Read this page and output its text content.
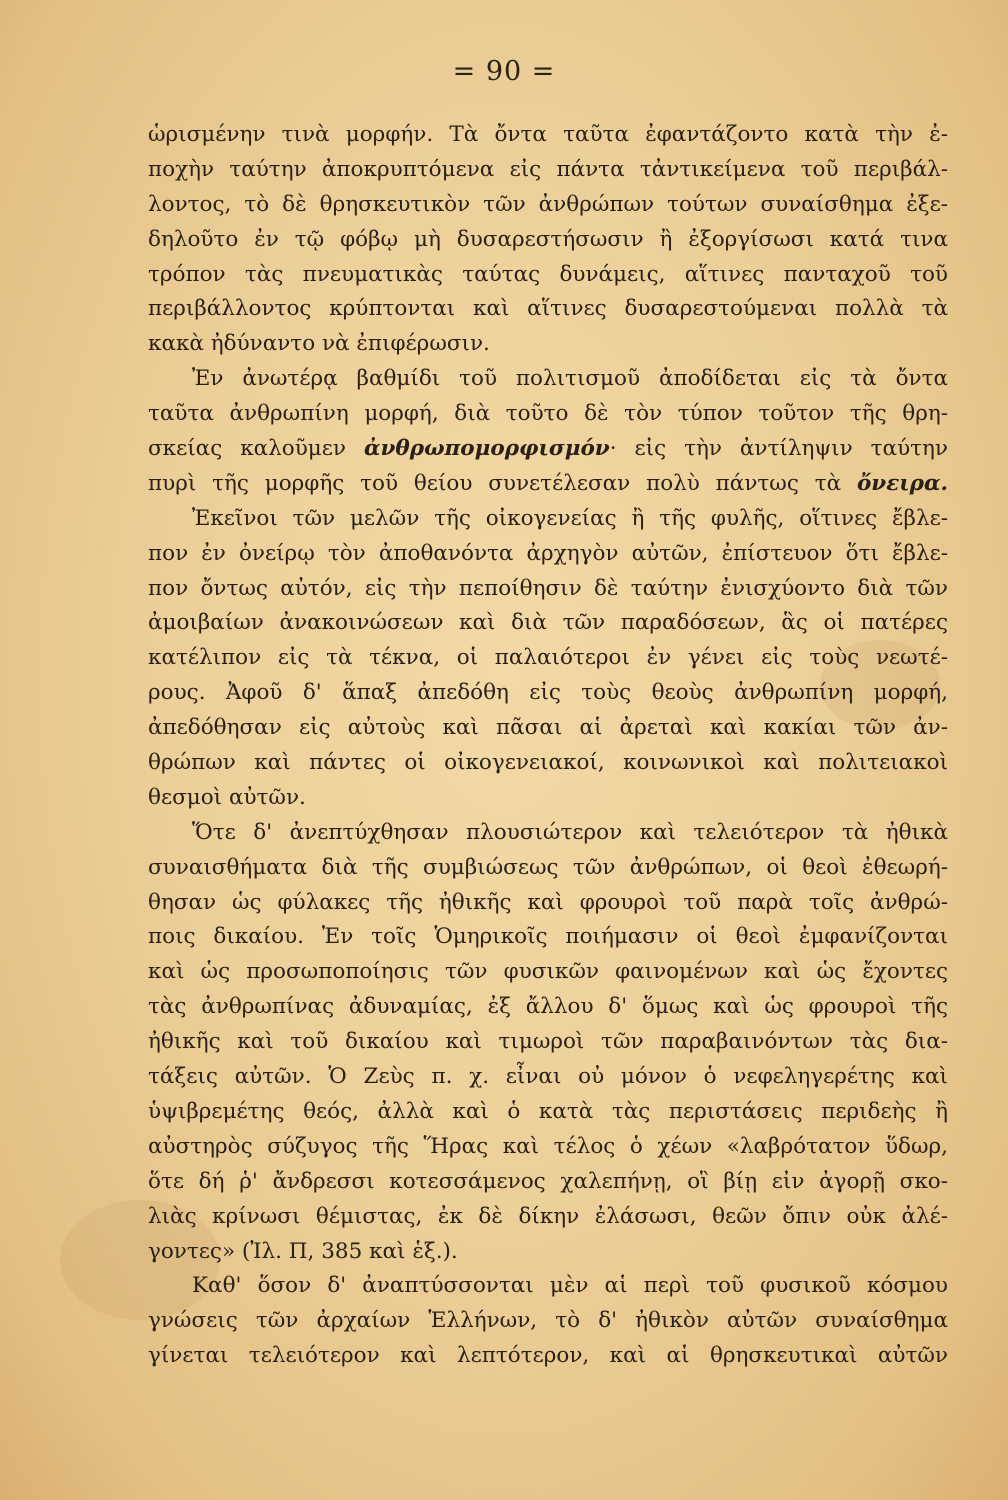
= 90 =
ὡρισμένην τινὰ μορφήν. Τὰ ὄντα ταῦτα ἐφαντάζοντο κατὰ τὴν ἐ-
ποχὴν ταύτην ἀποκρυπτόμενα εἰς πάντα τἀντικείμενα τοῦ περιβάλ-
λοντος, τὸ δὲ θρησκευτικὸν τῶν ἀνθρώπων τούτων συναίσθημα ἐξε-
δηλοῦτο ἐν τῷ φόβῳ μὴ δυσαρεστήσωσιν ἢ ἐξοργίσωσι κατά τινα
τρόπον τὰς πνευματικὰς ταύτας δυνάμεις, αἵτινες πανταχοῦ τοῦ
περιβάλλοντος κρύπτονται καὶ αἵτινες δυσαρεστούμεναι πολλὰ τὰ
κακὰ ἠδύναντο νὰ ἐπιφέρωσιν.
Ἐν ἀνωτέρᾳ βαθμίδι τοῦ πολιτισμοῦ ἀποδίδεται εἰς τὰ ὄντα
ταῦτα ἀνθρωπίνη μορφή, διὰ τοῦτο δὲ τὸν τύπον τοῦτον τῆς θρη-
σκείας καλοῦμεν ἀνθρωπομορφισμόν· εἰς τὴν ἀντίληψιν ταύτην
πυρὶ τῆς μορφῆς τοῦ θείου συνετέλεσαν πολὺ πάντως τὰ ὄνειρα.
Ἐκεῖνοι τῶν μελῶν τῆς οἰκογενείας ἢ τῆς φυλῆς, οἵτινες ἔβλε-
πον ἐν ὀνείρῳ τὸν ἀποθανόντα ἀρχηγὸν αὐτῶν, ἐπίστευον ὅτι ἔβλε-
πον ὄντως αὐτόν, εἰς τὴν πεποίθησιν δὲ ταύτην ἐνισχύοντο διὰ τῶν
ἀμοιβαίων ἀνακοινώσεων καὶ διὰ τῶν παραδόσεων, ἃς οἱ πατέρες
κατέλιπον εἰς τὰ τέκνα, οἱ παλαιότεροι ἐν γένει εἰς τοὺς νεωτέ-
ρους. Ἀφοῦ δ' ἅπαξ ἀπεδόθη εἰς τοὺς θεοὺς ἀνθρωπίνη μορφή,
ἀπεδόθησαν εἰς αὐτοὺς καὶ πᾶσαι αἱ ἀρεταὶ καὶ κακίαι τῶν ἀν-
θρώπων καὶ πάντες οἱ οἰκογενειακοί, κοινωνικοὶ καὶ πολιτειακοὶ
θεσμοὶ αὐτῶν.
Ὅτε δ' ἀνεπτύχθησαν πλουσιώτερον καὶ τελειότερον τὰ ἠθικὰ
συναισθήματα διὰ τῆς συμβιώσεως τῶν ἀνθρώπων, οἱ θεοὶ ἐθεωρή-
θησαν ὡς φύλακες τῆς ἠθικῆς καὶ φρουροὶ τοῦ παρὰ τοῖς ἀνθρώ-
ποις δικαίου. Ἐν τοῖς Ὁμηρικοῖς ποιήμασιν οἱ θεοὶ ἐμφανίζονται
καὶ ὡς προσωποποίησις τῶν φυσικῶν φαινομένων καὶ ὡς ἔχοντες
τὰς ἀνθρωπίνας ἀδυναμίας, ἐξ ἄλλου δ' ὅμως καὶ ὡς φρουροὶ τῆς
ἠθικῆς καὶ τοῦ δικαίου καὶ τιμωροὶ τῶν παραβαινόντων τὰς δια-
τάξεις αὐτῶν. Ὁ Ζεὺς π. χ. εἶναι οὐ μόνον ὁ νεφεληγερέτης καὶ
ὑψιβρεμέτης θεός, ἀλλὰ καὶ ὁ κατὰ τὰς περιστάσεις περιδεὴς ἢ
αὐστηρὸς σύζυγος τῆς Ἥρας καὶ τέλος ὁ χέων «λαβρότατον ὕδωρ,
ὅτε δή ῥ' ἄνδρεσσι κοτεσσάμενος χαλεπήνῃ, οἳ βίῃ εἰν ἀγορῇ σκο-
λιὰς κρίνωσι θέμιστας, ἐκ δὲ δίκην ἐλάσωσι, θεῶν ὄπιν οὐκ ἀλέ-
γοντες» (Ἰλ. Π, 385 καὶ ἑξ.).
Καθ' ὅσον δ' ἀναπτύσσονται μὲν αἱ περὶ τοῦ φυσικοῦ κόσμου
γνώσεις τῶν ἀρχαίων Ἑλλήνων, τὸ δ' ἠθικὸν αὐτῶν συναίσθημα
γίνεται τελειότερον καὶ λεπτότερον, καὶ αἱ θρησκευτικαὶ αὐτῶν
